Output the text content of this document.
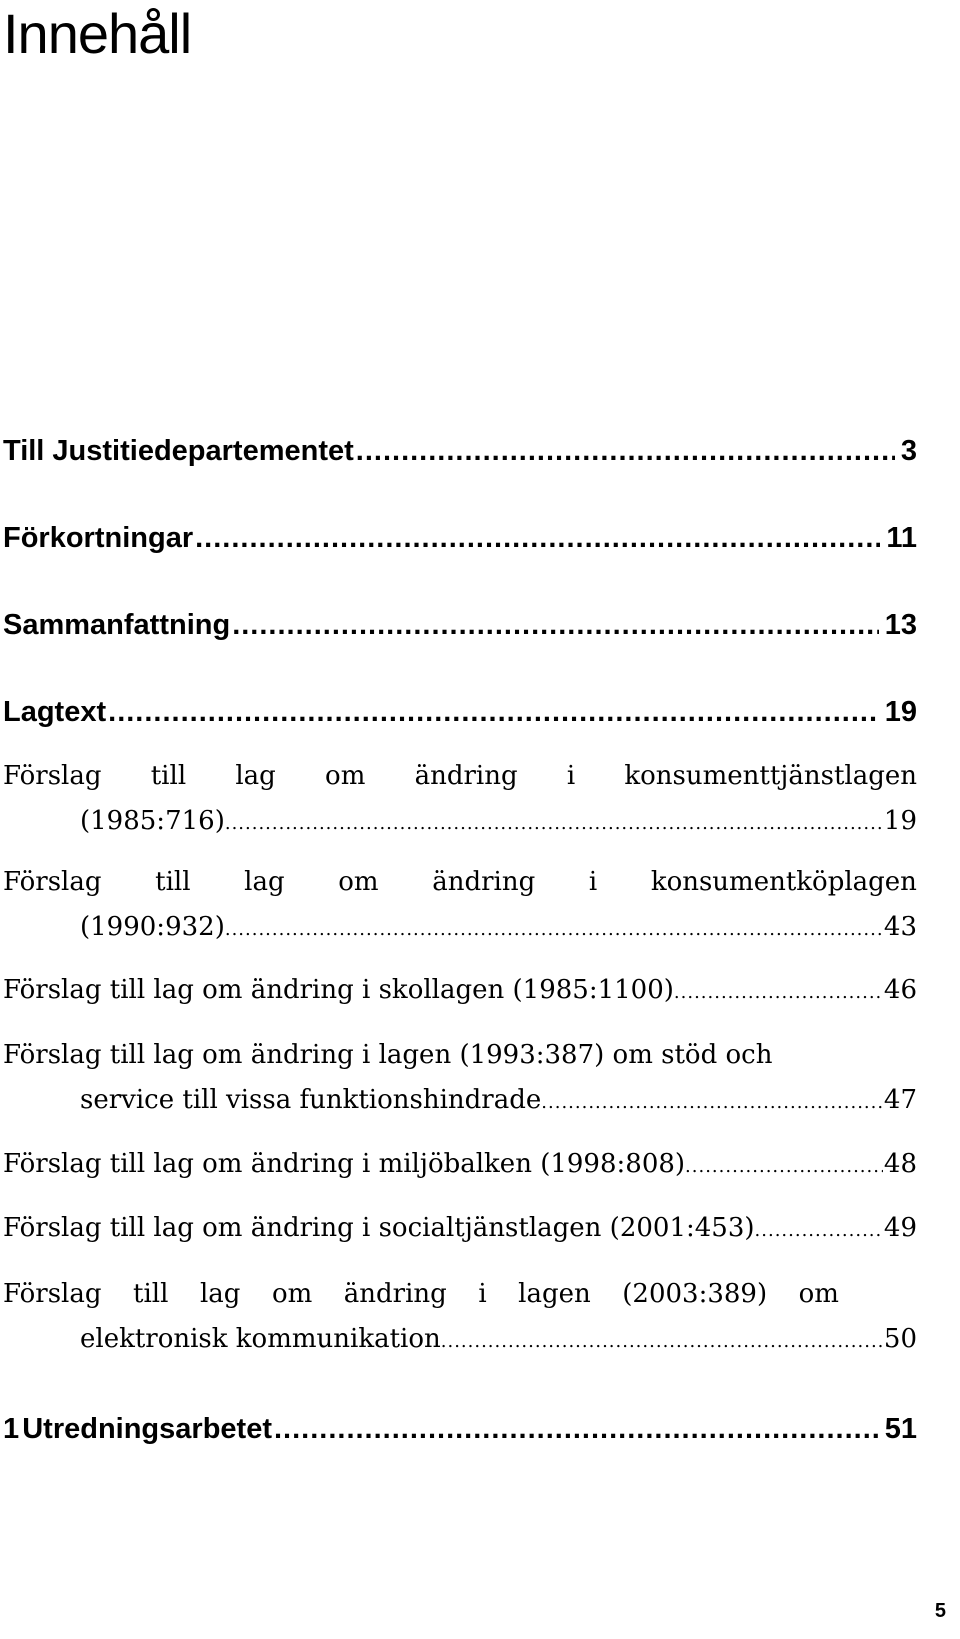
Innehåll
Till Justitiedepartementet .....	3
Förkortningar .....	11
Sammanfattning .....	13
Lagtext .....	19
Förslag till lag om ändring i konsumenttjänstlagen
(1985:716) .....	19
Förslag till lag om ändring i konsumentköplagen
(1990:932) .....	43
Förslag till lag om ändring i skollagen (1985:1100) .....	46
Förslag till lag om ändring i lagen (1993:387) om stöd och
service till vissa funktionshindrade .....	47
Förslag till lag om ändring i miljöbalken (1998:808) .....	48
Förslag till lag om ändring i socialtjänstlagen (2001:453) .....	49
Förslag till lag om ändring i lagen (2003:389) om
elektronisk kommunikation .....	50
1 Utredningsarbetet .....	51
5
